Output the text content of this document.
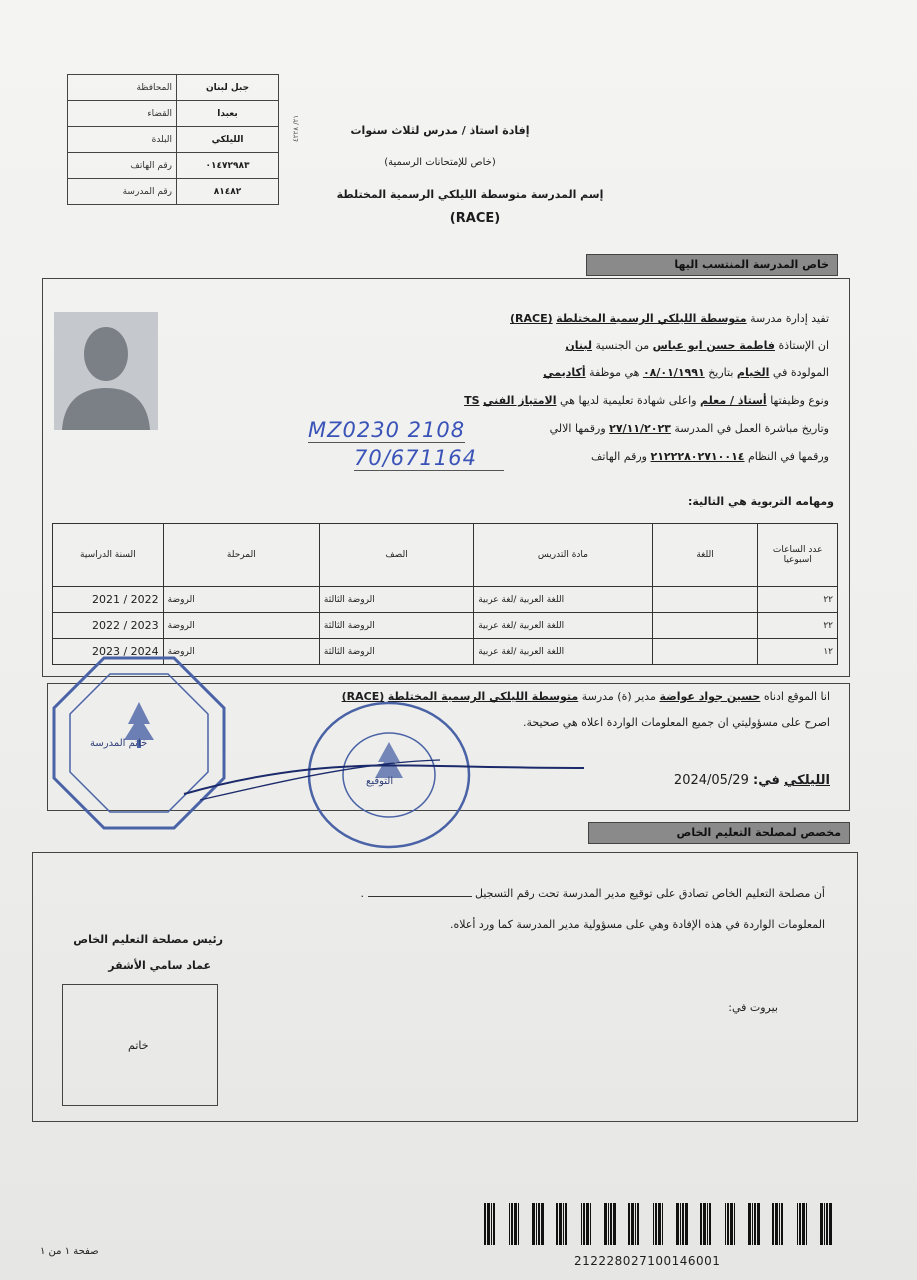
٢١/ ٤٢٢٨
المحافظة	جبل لبنان
القضاء	بعبدا
البلدة	الليلكي
رقم الهاتف	٠١٤٧٢٩٨٣
رقم المدرسة	٨١٤٨٢
إفادة استاذ / مدرس لثلاث سنوات
(خاص للإمتحانات الرسمية)
إسم المدرسة متوسطة الليلكي الرسمية المختلطة
(RACE)
خاص المدرسة المنتسب اليها
تفيد إدارة مدرسة متوسطة الليلكي الرسمية المختلطة (RACE)
ان الإستاذة فاطمة حسن ابو عباس من الجنسية لبنان
المولودة في الخيام بتاريخ ٠٨/٠١/١٩٩١ هي موظفة أكاديمي
ونوع وظيفتها أستاذ / معلم واعلى شهادة تعليمية لديها هي الامتياز الفني TS
وتاريخ مباشرة العمل في المدرسة ٢٧/١١/٢٠٢٣ ورقمها الالي
MZ0230 2108
ورقمها في النظام ٢١٢٢٢٨٠٢٧١٠٠١٤ ورقم الهاتف
70/671164
ومهامه التربوية هي التالية:
السنة الدراسية	المرحلة	الصف	مادة التدريس	اللغة	عدد الساعات اسبوعيا
2021 / 2022	الروضة	الروضة الثالثة	اللغة العربية /لغة عربية		٢٢
2022 / 2023	الروضة	الروضة الثالثة	اللغة العربية /لغة عربية		٢٢
2023 / 2024	الروضة	الروضة الثالثة	اللغة العربية /لغة عربية		١٢
انا الموقع ادناه حسين جواد عواضة مدير (ة) مدرسة متوسطة الليلكي الرسمية المختلطة (RACE)
اصرح على مسؤوليتي ان جميع المعلومات الواردة اعلاه هي صحيحة.
الليلكي في: 2024/05/29
خاتم المدرسة
التوقيع
مخصص لمصلحة التعليم الخاص
أن مصلحة التعليم الخاص تصادق على توقيع مدير المدرسة تحت رقم التسجيل  .
المعلومات الواردة في هذه الإفادة وهي على مسؤولية مدير المدرسة كما ورد أعلاه.
رئيس مصلحة التعليم الخاص
عماد سامي الأشقر
خاتم
بيروت في:
صفحة ١ من ١
212228027100146001
